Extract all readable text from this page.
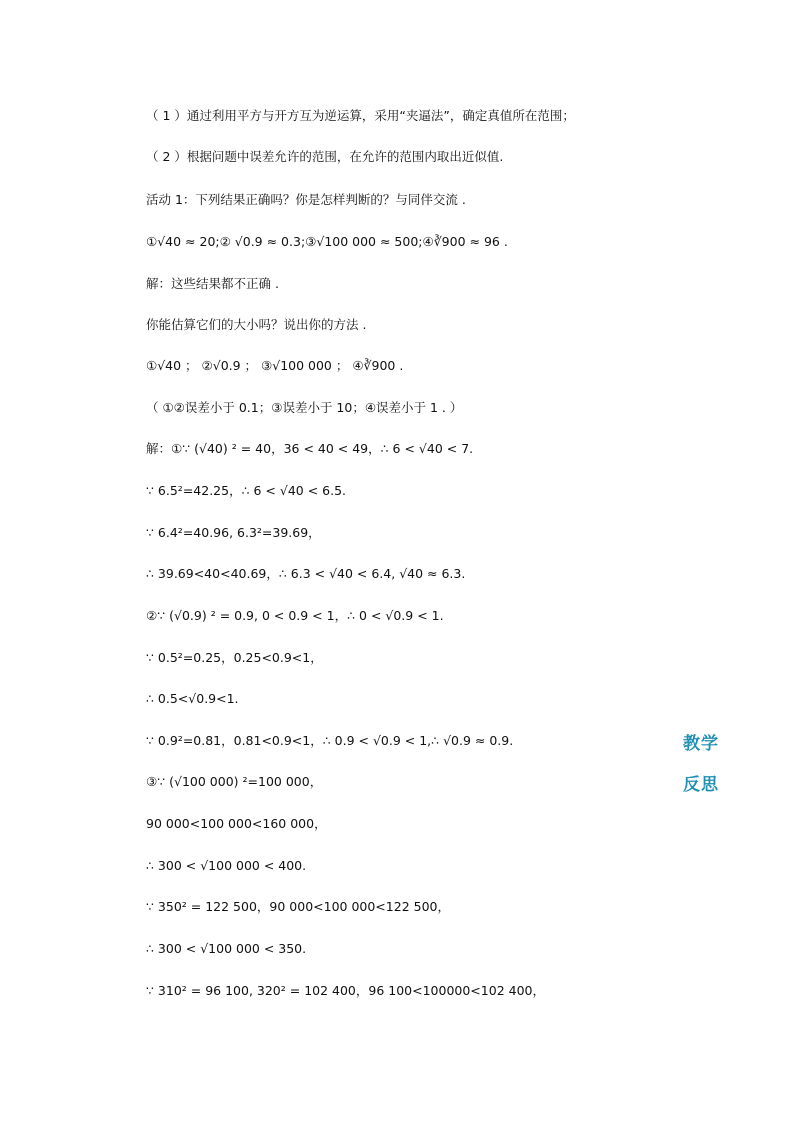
（ 1 ）通过利用平方与开方互为逆运算，采用“夹逼法”，确定真值所在范围；
（ 2 ）根据问题中误差允许的范围，在允许的范围内取出近似值.
活动 1：下列结果正确吗？你是怎样判断的？与同伴交流 .
①√40 ≈ 20;② √0.9 ≈ 0.3;③√100 000 ≈ 500;④∛900 ≈ 96 .
解：这些结果都不正确 .
你能估算它们的大小吗？说出你的方法 .
①√40 ； ②√0.9 ； ③√100 000 ； ④∛900 .
（ ①②误差小于 0.1；③误差小于 10；④误差小于 1 . ）
解：①∵ (√40) ² = 40，36 < 40 < 49，∴ 6 < √40 < 7.
∵ 6.5²=42.25，∴ 6 < √40 < 6.5.
∵ 6.4²=40.96, 6.3²=39.69，
∴ 39.69<40<40.69，∴ 6.3 < √40 < 6.4, √40 ≈ 6.3.
②∵ (√0.9) ² = 0.9, 0 < 0.9 < 1，∴ 0 < √0.9 < 1.
∵ 0.5²=0.25，0.25<0.9<1，
∴ 0.5<√0.9<1.
∵ 0.9²=0.81，0.81<0.9<1，∴ 0.9 < √0.9 < 1,∴ √0.9 ≈ 0.9.
③∵ (√100 000) ²=100 000，
90 000<100 000<160 000，
∴ 300 < √100 000 < 400.
∵ 350² = 122 500，90 000<100 000<122 500，
∴ 300 < √100 000 < 350.
∵ 310² = 96 100, 320² = 102 400，96 100<100000<102 400，
教学
反思
